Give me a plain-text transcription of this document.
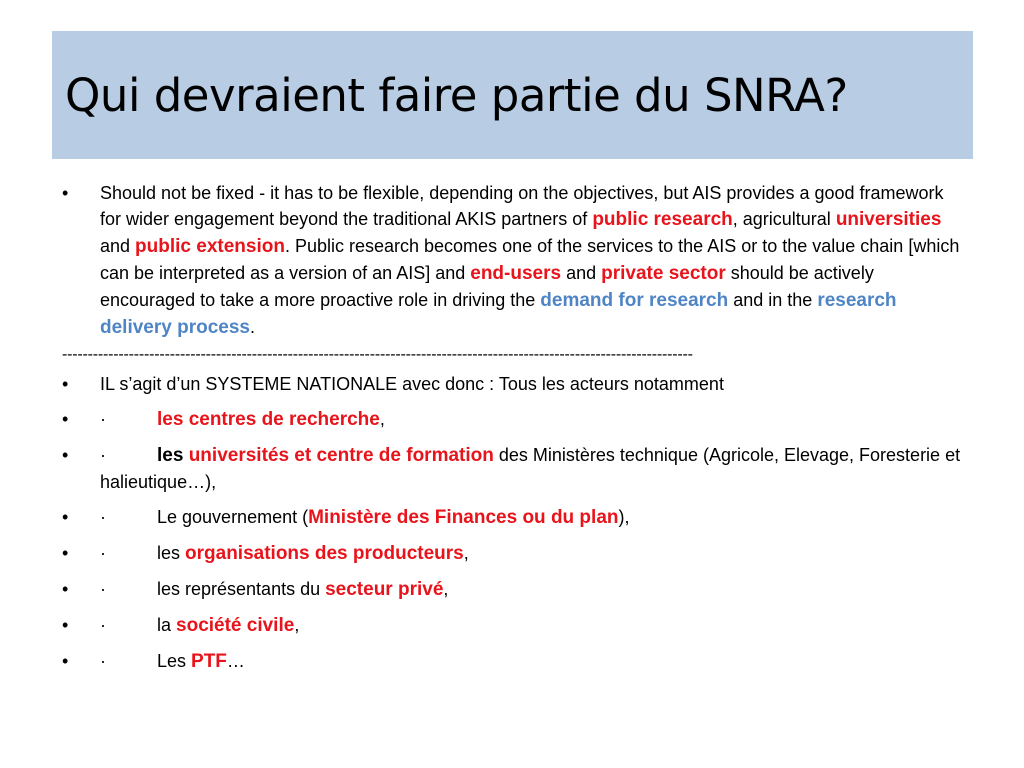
Qui devraient faire partie du SNRA?
•	Should not be fixed - it has to be flexible, depending on the objectives, but AIS provides a good framework for wider engagement beyond the traditional AKIS partners of public research, agricultural universities and public extension. Public research becomes one of the services to the AIS or to the value chain [which can be interpreted as a version of an AIS] and end-users and private sector should be actively encouraged to take a more proactive role in driving the demand for research and in the research delivery process.
---------------------------------------------------------------------------------------------------------------------------
•	IL s’agit d’un SYSTEME NATIONALE avec donc : Tous les acteurs notamment
•	·	les centres de recherche,
•	·	les universités et centre de formation des Ministères technique (Agricole, Elevage, Foresterie et halieutique…),
•	·	Le gouvernement (Ministère des Finances ou du plan),
•	·	les organisations des producteurs,
•	·	les représentants du secteur privé,
•	·	la société civile,
•	·	Les PTF…
